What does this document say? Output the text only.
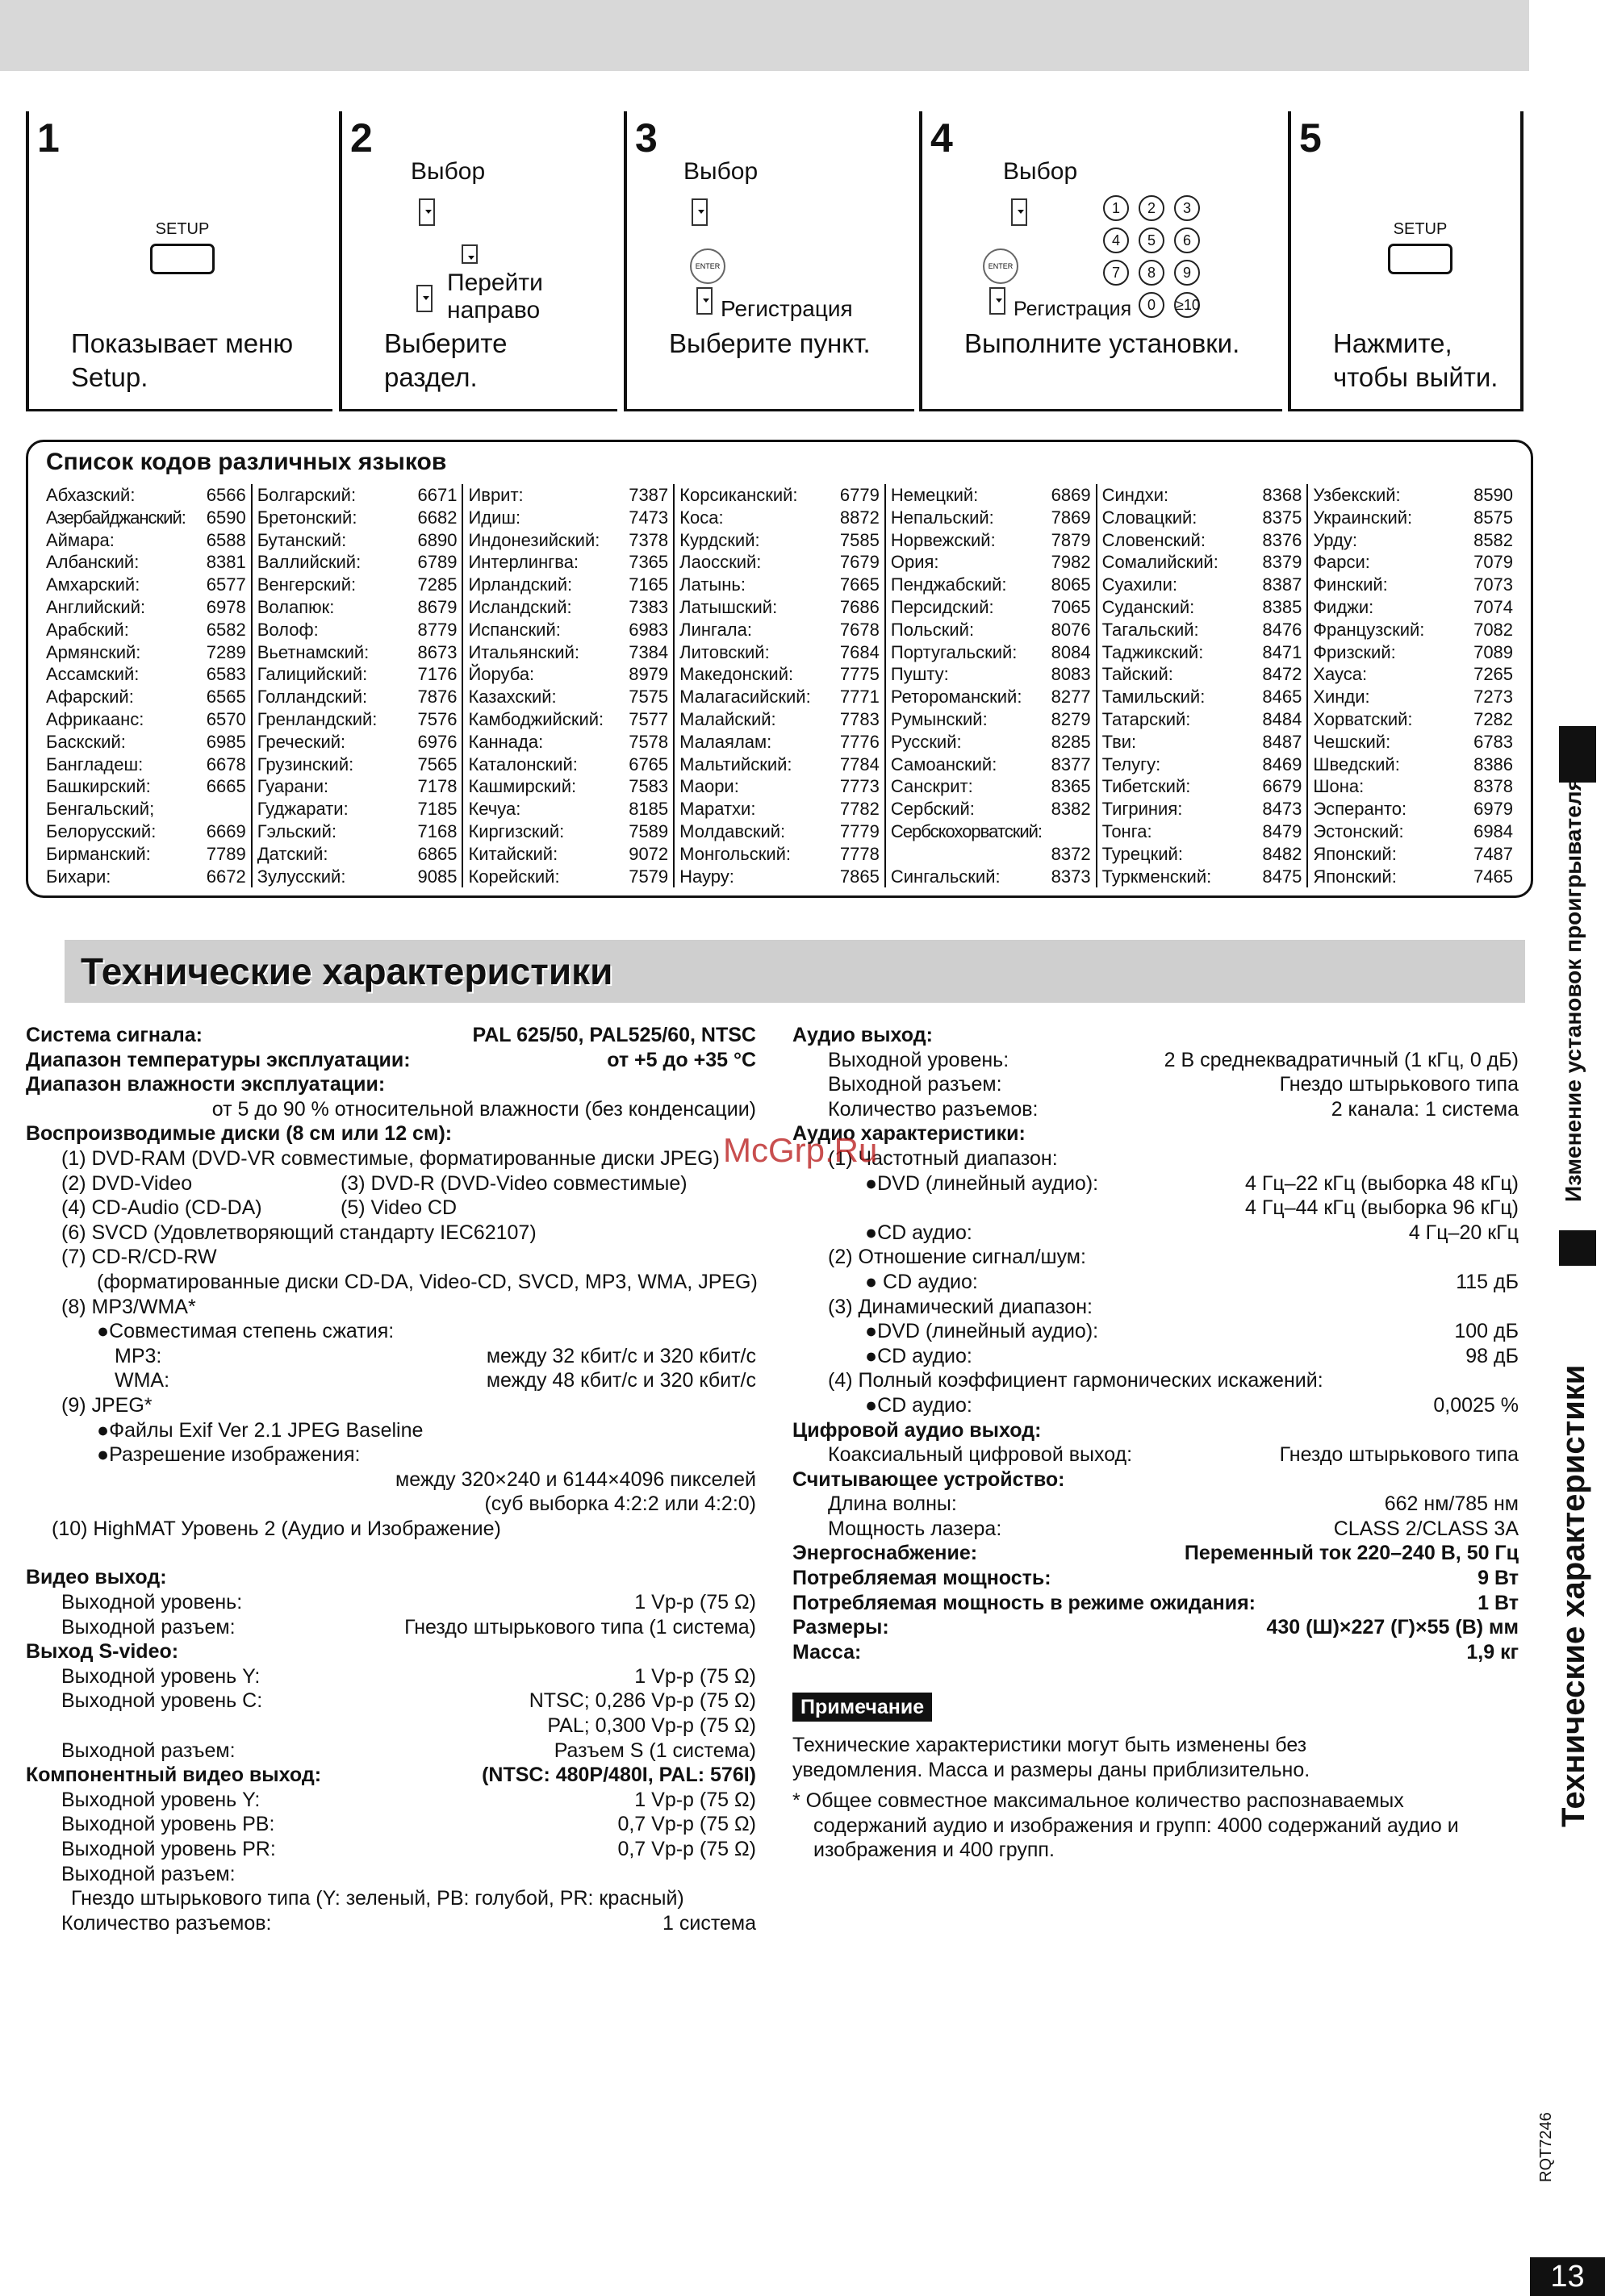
1
SETUP
Показывает меню
Setup.
2
Выбор
Перейти
направо
Выберите
раздел.
3
Выбор
ENTER
Регистрация
Выберите пункт.
4
Выбор
ENTER
Регистрация
1	2	3
4	5	6
7	8	9
0	≥10
Выполните установки.
5
SETUP
Нажмите,
чтобы выйти.
Список кодов различных языков
Абхазский:	6566
Азербайджанский: 6590
Аймара:	6588
Албанский:	8381
Амхарский:	6577
Английский:	6978
Арабский:	6582
Армянский:	7289
Ассамский:	6583
Афарский:	6565
Африкаанс:	6570
Баскский:	6985
Бангладеш:	6678
Башкирский:	6665
Бенгальский;
Белорусский:	6669
Бирманский:	7789
Бихари:	6672
Болгарский:	6671
Бретонский:	6682
Бутанский:	6890
Валлийский:	6789
Венгерский:	7285
Волапюк:	8679
Волоф:	8779
Вьетнамский:	8673
Галицийский:	7176
Голландский:	7876
Гренландский: 7576
Греческий:	6976
Грузинский:	7565
Гуарани:	7178
Гуджарати:	7185
Гэльский:	7168
Датский:	6865
Зулусский:	9085
Иврит:	7387
Идиш:	7473
Индонезийский: 7378
Интерлингва:	7365
Ирландский:	7165
Исландский:	7383
Испанский:	6983
Итальянский:	7384
Йоруба:	8979
Казахский:	7575
Камбоджийский: 7577
Каннада:	7578
Каталонский:	6765
Кашмирский:	7583
Кечуа:	8185
Киргизский:	7589
Китайский:	9072
Корейский:	7579
Корсиканский: 6779
Коса:	8872
Курдский:	7585
Лаосский:	7679
Латынь:	7665
Латышский:	7686
Лингала:	7678
Литовский:	7684
Македонский:	7775
Малагасийский: 7771
Малайский:	7783
Малаялам:	7776
Мальтийский:	7784
Маори:	7773
Маратхи:	7782
Молдавский:	7779
Монгольский:	7778
Науру:	7865
Немецкий:	6869
Непальский:	7869
Норвежский:	7879
Ория:	7982
Пенджабский:	8065
Персидский:	7065
Польский:	8076
Португальский: 8084
Пушту:	8083
Ретороманский: 8277
Румынский:	8279
Русский:	8285
Самоанский:	8377
Санскрит:	8365
Сербский:	8382
Сербскохорватский:
8372
Сингальский:	8373
Синдхи:	8368
Словацкий:	8375
Словенский:	8376
Сомалийский: 8379
Суахили:	8387
Суданский:	8385
Тагальский:	8476
Таджикский:	8471
Тайский:	8472
Тамильский:	8465
Татарский:	8484
Тви:	8487
Телугу:	8469
Тибетский:	6679
Тигриния:	8473
Тонга:	8479
Турецкий:	8482
Туркменский:	8475
Узбекский:	8590
Украинский:	8575
Урду:	8582
Фарси:	7079
Финский:	7073
Фиджи:	7074
Французский:	7082
Фризский:	7089
Хауса:	7265
Хинди:	7273
Хорватский:	7282
Чешский:	6783
Шведский:	8386
Шона:	8378
Эсперанто:	6979
Эстонский:	6984
Японский:	7487
Японский:	7465
Технические характеристики
Система сигнала:	PAL 625/50, PAL525/60, NTSC
Диапазон температуры эксплуатации:	от +5 до +35 °C
Диапазон влажности эксплуатации:
от 5 до 90 % относительной влажности (без конденсации)
Воспроизводимые диски (8 см или 12 см):
(1) DVD-RAM (DVD-VR совместимые, форматированные диски JPEG)
(2) DVD-Video	(3) DVD-R (DVD-Video совместимые)
(4) CD-Audio (CD-DA)	(5) Video CD
(6) SVCD (Удовлетворяющий стандарту IEC62107)
(7) CD-R/CD-RW
(форматированные диски CD-DA, Video-CD, SVCD, MP3, WMA, JPEG)
(8) MP3/WMA*
●Совместимая степень сжатия:
MP3:	между 32 кбит/с и 320 кбит/с
WMA:	между 48 кбит/с и 320 кбит/с
(9) JPEG*
●Файлы Exif Ver 2.1 JPEG Baseline
●Разрешение изображения:
между 320×240 и 6144×4096 пикселей
(суб выборка 4:2:2 или 4:2:0)
(10) HighMAT Уровень 2 (Аудио и Изображение)
Видео выход:
Выходной уровень:	1 Vp-p (75 Ω)
Выходной разъем:	Гнездо штырькового типа (1 система)
Выход S-video:
Выходной уровень Y:	1 Vp-p (75 Ω)
Выходной уровень C:	NTSC; 0,286 Vp-p (75 Ω)
PAL; 0,300 Vp-p (75 Ω)
Выходной разъем:	Разъем S (1 система)
Компонентный видео выход:	(NTSC: 480P/480I, PAL: 576I)
Выходной уровень Y:	1 Vp-p (75 Ω)
Выходной уровень PB:	0,7 Vp-p (75 Ω)
Выходной уровень PR:	0,7 Vp-p (75 Ω)
Выходной разъем:
Гнездо штырькового типа (Y: зеленый, PB: голубой, PR: красный)
Количество разъемов:	1 система
Аудио выход:
Выходной уровень:	2 В среднеквадратичный (1 кГц, 0 дБ)
Выходной разъем:	Гнездо штырькового типа
Количество разъемов:	2 канала: 1 система
Аудио характеристики:
(1) Частотный диапазон:
●DVD (линейный аудио):	4 Гц–22 кГц (выборка 48 кГц)
4 Гц–44 кГц (выборка 96 кГц)
●CD аудио:	4 Гц–20 кГц
(2) Отношение сигнал/шум:
● CD аудио:	115 дБ
(3) Динамический диапазон:
●DVD (линейный аудио):	100 дБ
●CD аудио:	98 дБ
(4) Полный коэффициент гармонических искажений:
●CD аудио:	0,0025 %
Цифровой аудио выход:
Коаксиальный цифровой выход:	Гнездо штырькового типа
Считывающее устройство:
Длина волны:	662 нм/785 нм
Мощность лазера:	CLASS 2/CLASS 3A
Энергоснабжение:	Переменный ток 220–240 В, 50 Гц
Потребляемая мощность:	9 Вт
Потребляемая мощность в режиме ожидания:	1 Вт
Размеры:	430 (Ш)×227 (Г)×55 (В) мм
Масса:	1,9 кг
Примечание
Технические характеристики могут быть изменены без уведомления. Масса и размеры даны приблизительно.
* Общее совместное максимальное количество распознаваемых содержаний аудио и изображения и групп: 4000 содержаний аудио и изображения и 400 групп.
McGrp.Ru	Изменение установок проигрывателя
Технические характеристики
RQT7246
13
